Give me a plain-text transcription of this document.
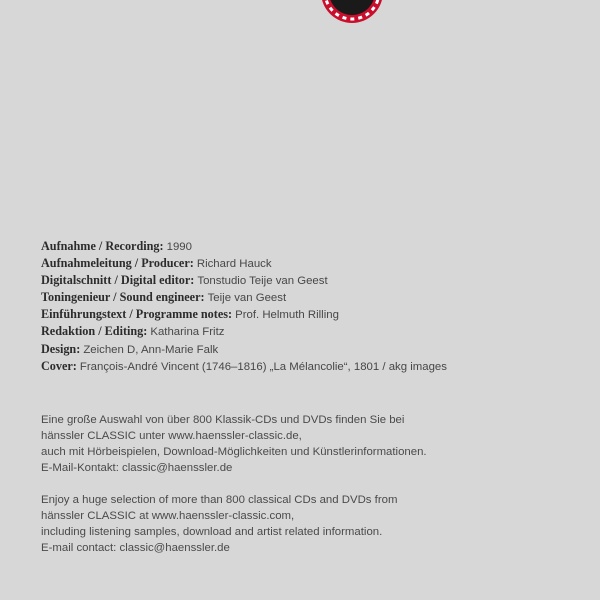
Aufnahme / Recording: 1990
Aufnahmeleitung / Producer: Richard Hauck
Digitalschnitt / Digital editor: Tonstudio Teije van Geest
Toningenieur / Sound engineer: Teije van Geest
Einführungstext / Programme notes: Prof. Helmuth Rilling
Redaktion / Editing: Katharina Fritz
Design: Zeichen D, Ann-Marie Falk
Cover: François-André Vincent (1746–1816) „La Mélancolie“, 1801 / akg images
Eine große Auswahl von über 800 Klassik-CDs und DVDs finden Sie bei
hänssler CLASSIC unter www.haenssler-classic.de,
auch mit Hörbeispielen, Download-Möglichkeiten und Künstlerinformationen.
E-Mail-Kontakt: classic@haenssler.de
Enjoy a huge selection of more than 800 classical CDs and DVDs from
hänssler CLASSIC at www.haenssler-classic.com,
including listening samples, download and artist related information.
E-mail contact: classic@haenssler.de
